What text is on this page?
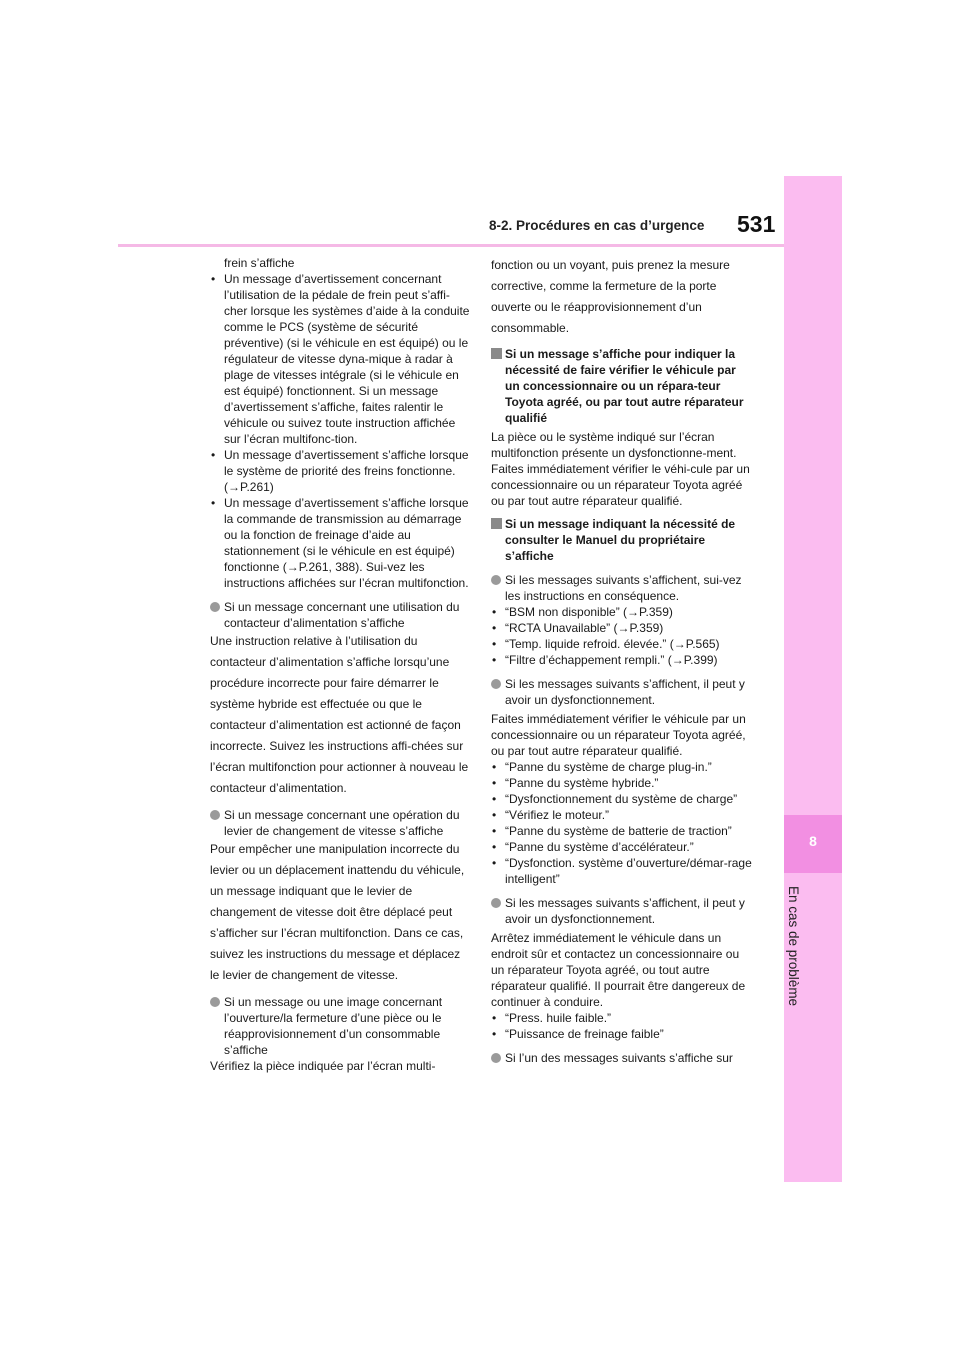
8
En cas de problème
8-2. Procédures en cas d’urgence 531

frein s’affiche

• Un message d’avertissement concernant l’utilisation de la pédale de frein peut s’affi-cher lorsque les systèmes d’aide à la conduite comme le PCS (système de sécurité préventive) (si le véhicule en est équipé) ou le régulateur de vitesse dyna-mique à radar à plage de vitesses intégrale (si le véhicule en est équipé) fonctionnent. Si un message d’avertissement s’affiche, faites ralentir le véhicule ou suivez toute instruction affichée sur l’écran multifonc-tion.
• Un message d’avertissement s’affiche lorsque le système de priorité des freins fonctionne. (→P.261)
• Un message d’avertissement s’affiche lorsque la commande de transmission au démarrage ou la fonction de freinage d’aide au stationnement (si le véhicule en est équipé) fonctionne (→P.261, 388). Sui-vez les instructions affichées sur l’écran multifonction.
Si un message concernant une utilisation du contacteur d’alimentation s’affiche

Une instruction relative à l’utilisation du contacteur d’alimentation s’affiche lorsqu’une procédure incorrecte pour faire démarrer le système hybride est effectuée ou que le contacteur d’alimentation est actionné de façon incorrecte. Suivez les instructions affi-chées sur l’écran multifonction pour actionner à nouveau le contacteur d’alimentation.

Si un message concernant une opération du levier de changement de vitesse s’affiche

Pour empêcher une manipulation incorrecte du levier ou un déplacement inattendu du véhicule, un message indiquant que le levier de changement de vitesse doit être déplacé peut s’afficher sur l’écran multifonction. Dans ce cas, suivez les instructions du message et déplacez le levier de changement de vitesse.

Si un message ou une image concernant l’ouverture/la fermeture d’une pièce ou le réapprovisionnement d’un consommable s’affiche

Vérifiez la pièce indiquée par l’écran multi-

fonction ou un voyant, puis prenez la mesure corrective, comme la fermeture de la porte ouverte ou le réapprovisionnement d’un consommable.

Si un message s’affiche pour indiquer la nécessité de faire vérifier le véhicule par un concessionnaire ou un répara-teur Toyota agréé, ou par tout autre réparateur qualifié

La pièce ou le système indiqué sur l’écran multifonction présente un dysfonctionne-ment. Faites immédiatement vérifier le véhi-cule par un concessionnaire ou un réparateur Toyota agréé ou par tout autre réparateur qualifié.

Si un message indiquant la nécessité de consulter le Manuel du propriétaire s’affiche
Si les messages suivants s’affichent, sui-vez les instructions en conséquence.
• “BSM non disponible” (→P.359)
• “RCTA Unavailable” (→P.359)
• “Temp. liquide refroid. élevée.” (→P.565)
• “Filtre d’échappement rempli.” (→P.399)
Si les messages suivants s’affichent, il peut y avoir un dysfonctionnement.

Faites immédiatement vérifier le véhicule par un concessionnaire ou un réparateur Toyota agréé, ou par tout autre réparateur qualifié.

• “Panne du système de charge plug-in.”
• “Panne du système hybride.”
• “Dysfonctionnement du système de charge”
• “Vérifiez le moteur.”
• “Panne du système de batterie de traction”
• “Panne du système d’accélérateur.”
• “Dysfonction. système d’ouverture/démar-rage intelligent”
Si les messages suivants s’affichent, il peut y avoir un dysfonctionnement.

Arrêtez immédiatement le véhicule dans un endroit sûr et contactez un concessionnaire ou un réparateur Toyota agréé, ou tout autre réparateur qualifié. Il pourrait être dangereux de continuer à conduire.

• “Press. huile faible.”
• “Puissance de freinage faible”
Si l’un des messages suivants s’affiche sur
